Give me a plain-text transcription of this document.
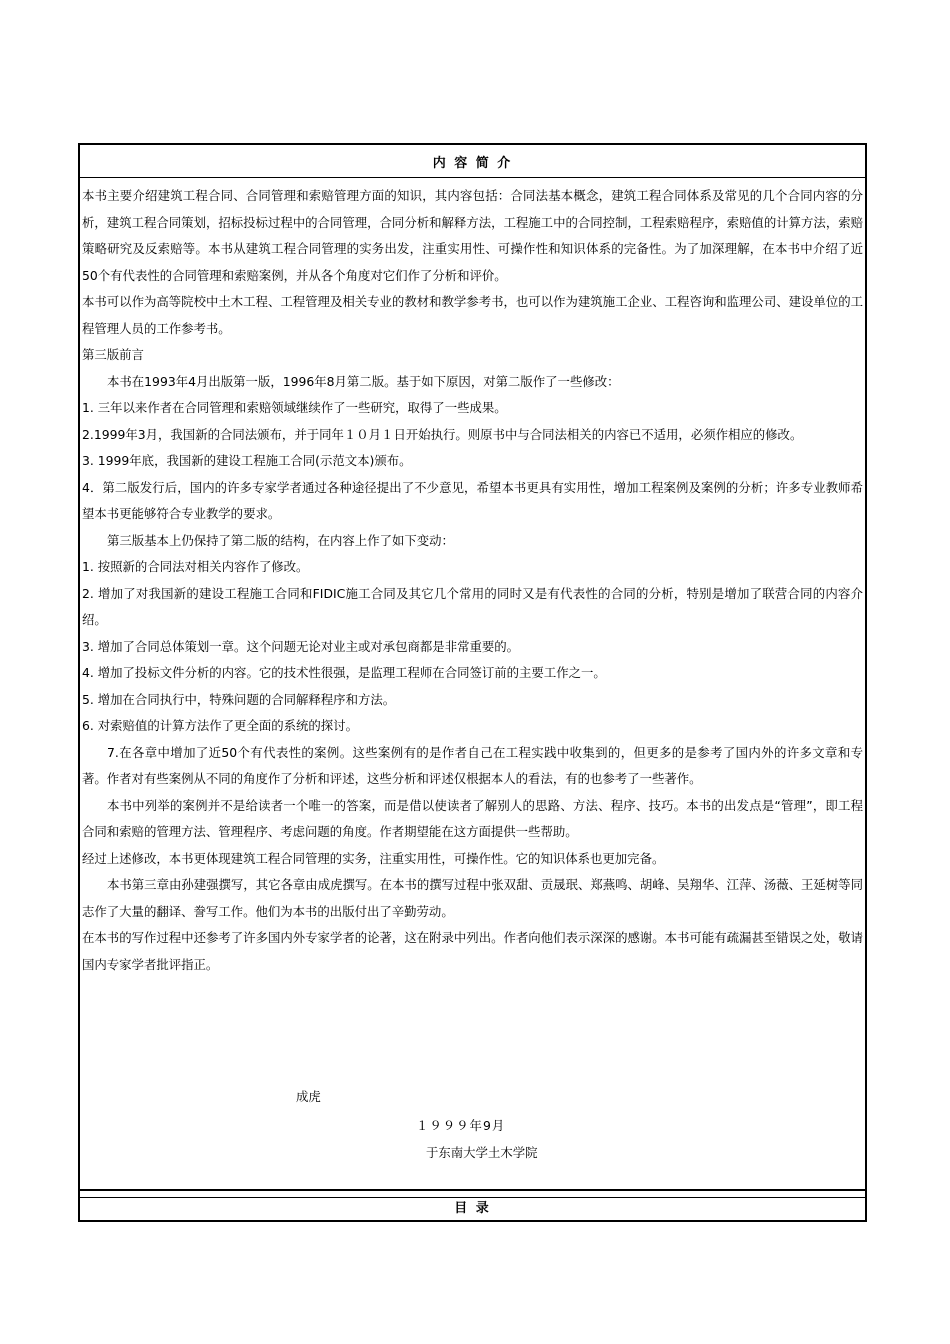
内 容 简 介

本书主要介绍建筑工程合同、合同管理和索赔管理方面的知识，其内容包括：合同法基本概念，建筑工程合同体系及常见的几个合同内容的分析，建筑工程合同策划，招标投标过程中的合同管理，合同分析和解释方法，工程施工中的合同控制，工程索赔程序，索赔值的计算方法，索赔策略研究及反索赔等。本书从建筑工程合同管理的实务出发，注重实用性、可操作性和知识体系的完备性。为了加深理解，在本书中介绍了近50个有代表性的合同管理和索赔案例，并从各个角度对它们作了分析和评价。

本书可以作为高等院校中土木工程、工程管理及相关专业的教材和教学参考书，也可以作为建筑施工企业、工程咨询和监理公司、建设单位的工程管理人员的工作参考书。

第三版前言

本书在1993年4月出版第一版，1996年8月第二版。基于如下原因，对第二版作了一些修改：

1. 三年以来作者在合同管理和索赔领域继续作了一些研究，取得了一些成果。

2.1999年3月，我国新的合同法颁布，并于同年１０月１日开始执行。则原书中与合同法相关的内容已不适用，必须作相应的修改。

3. 1999年底，我国新的建设工程施工合同(示范文本)颁布。

4．第二版发行后，国内的许多专家学者通过各种途径提出了不少意见，希望本书更具有实用性，增加工程案例及案例的分析；许多专业教师希望本书更能够符合专业教学的要求。

第三版基本上仍保持了第二版的结构，在内容上作了如下变动：

1. 按照新的合同法对相关内容作了修改。

2. 增加了对我国新的建设工程施工合同和FIDIC施工合同及其它几个常用的同时又是有代表性的合同的分析，特别是增加了联营合同的内容介绍。

3. 增加了合同总体策划一章。这个问题无论对业主或对承包商都是非常重要的。

4. 增加了投标文件分析的内容。它的技术性很强，是监理工程师在合同签订前的主要工作之一。

5. 增加在合同执行中，特殊问题的合同解释程序和方法。

6. 对索赔值的计算方法作了更全面的系统的探讨。

7.在各章中增加了近50个有代表性的案例。这些案例有的是作者自己在工程实践中收集到的，但更多的是参考了国内外的许多文章和专著。作者对有些案例从不同的角度作了分析和评述，这些分析和评述仅根据本人的看法，有的也参考了一些著作。

本书中列举的案例并不是给读者一个唯一的答案，而是借以使读者了解别人的思路、方法、程序、技巧。本书的出发点是“管理”，即工程合同和索赔的管理方法、管理程序、考虑问题的角度。作者期望能在这方面提供一些帮助。

经过上述修改，本书更体现建筑工程合同管理的实务，注重实用性，可操作性。它的知识体系也更加完备。

本书第三章由孙建强撰写，其它各章由成虎撰写。在本书的撰写过程中张双甜、贡晟珉、郑燕鸣、胡峰、吴翔华、江萍、汤薇、王延树等同志作了大量的翻译、誊写工作。他们为本书的出版付出了辛勤劳动。

在本书的写作过程中还参考了许多国内外专家学者的论著，这在附录中列出。作者向他们表示深深的感谢。本书可能有疏漏甚至错误之处，敬请国内专家学者批评指正。

成虎
１９９９年9月
于东南大学土木学院
目 录
